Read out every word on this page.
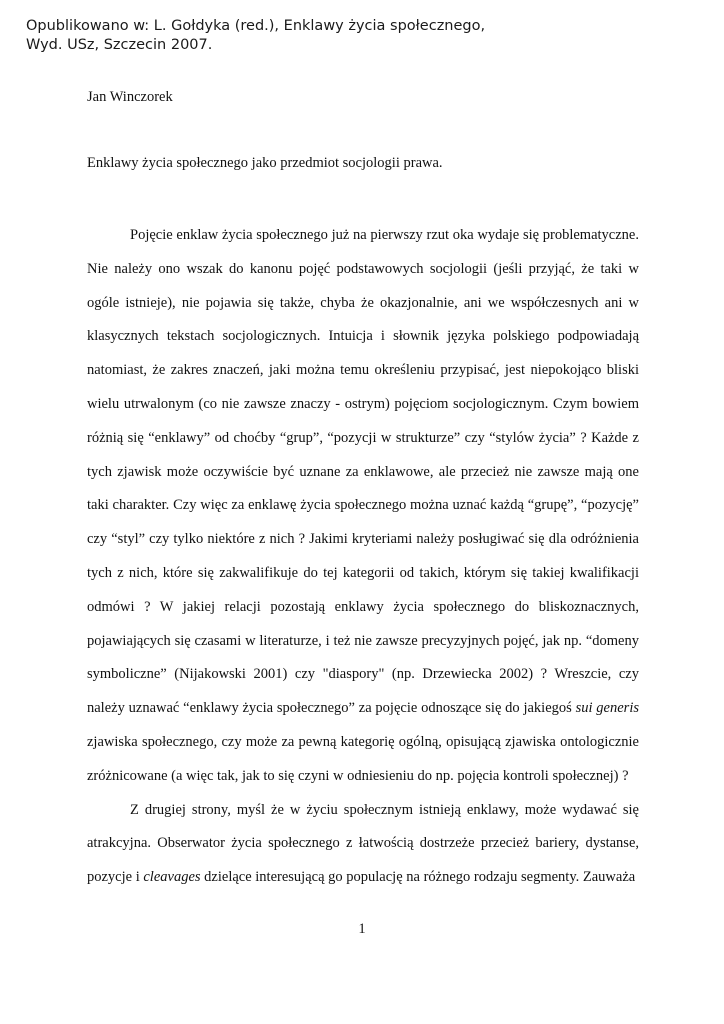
Opublikowano w: L. Gołdyka (red.), Enklawy życia społecznego,
Wyd. USz, Szczecin 2007.
Jan Winczorek
Enklawy życia społecznego jako przedmiot socjologii prawa.

Pojęcie enklaw życia społecznego już na pierwszy rzut oka wydaje się problematyczne. Nie należy ono wszak do kanonu pojęć podstawowych socjologii (jeśli przyjąć, że taki w ogóle istnieje), nie pojawia się także, chyba że okazjonalnie, ani we współczesnych ani w klasycznych tekstach socjologicznych. Intuicja i słownik języka polskiego podpowiadają natomiast, że zakres znaczeń, jaki można temu określeniu przypisać, jest niepokojąco bliski wielu utrwalonym (co nie zawsze znaczy - ostrym) pojęciom socjologicznym. Czym bowiem różnią się “enklawy” od choćby “grup”, “pozycji w strukturze” czy “stylów życia” ? Każde z tych zjawisk może oczywiście być uznane za enklawowe, ale przecież nie zawsze mają one taki charakter. Czy więc za enklawę życia społecznego można uznać każdą “grupę”, “pozycję” czy “styl” czy tylko niektóre z nich ? Jakimi kryteriami należy posługiwać się dla odróżnienia tych z nich, które się zakwalifikuje do tej kategorii od takich, którym się takiej kwalifikacji odmówi ? W jakiej relacji pozostają enklawy życia społecznego do bliskoznacznych, pojawiających się czasami w literaturze, i też nie zawsze precyzyjnych pojęć, jak np. “domeny symboliczne” (Nijakowski 2001) czy "diaspory" (np. Drzewiecka 2002) ? Wreszcie, czy należy uznawać “enklawy życia społecznego” za pojęcie odnoszące się do jakiegoś sui generis zjawiska społecznego, czy może za pewną kategorię ogólną, opisującą zjawiska ontologicznie zróżnicowane (a więc tak, jak to się czyni w odniesieniu do np. pojęcia kontroli społecznej) ?

Z drugiej strony, myśl że w życiu społecznym istnieją enklawy, może wydawać się atrakcyjna. Obserwator życia społecznego z łatwością dostrzeże przecież bariery, dystanse, pozycje i cleavages dzielące interesującą go populację na różnego rodzaju segmenty. Zauważa

1
